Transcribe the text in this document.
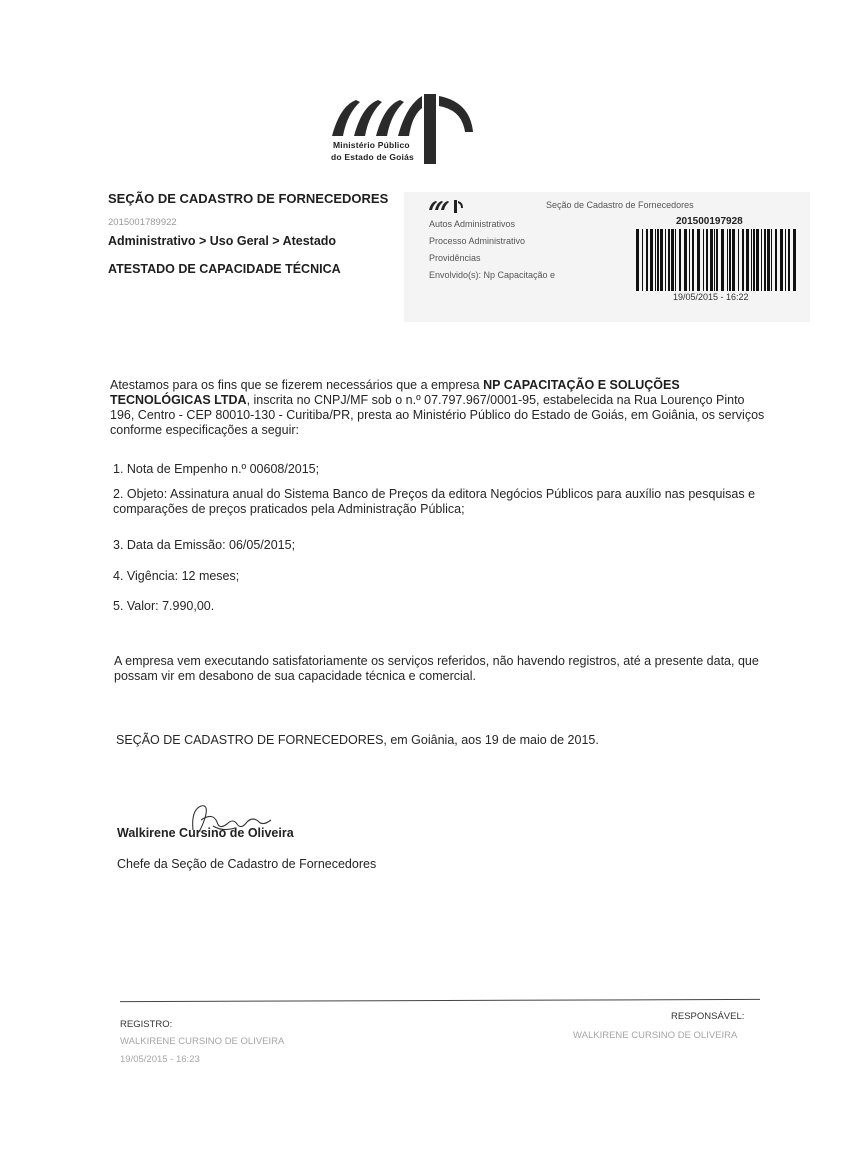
Ministério Público
do Estado de Goiás
SEÇÃO DE CADASTRO DE FORNECEDORES
2015001789922
Administrativo > Uso Geral > Atestado
ATESTADO DE CAPACIDADE TÉCNICA
Seção de Cadastro de Fornecedores
Autos Administrativos
Processo Administrativo
Providências
Envolvido(s): Np Capacitação e
201500197928
19/05/2015 - 16:22
Atestamos para os fins que se fizerem necessários que a empresa NP CAPACITAÇÃO E SOLUÇÕES TECNOLÓGICAS LTDA, inscrita no CNPJ/MF sob o n.º 07.797.967/0001-95, estabelecida na Rua Lourenço Pinto 196, Centro - CEP 80010-130 - Curitiba/PR, presta ao Ministério Público do Estado de Goiás, em Goiânia, os serviços conforme especificações a seguir:
1. Nota de Empenho n.º 00608/2015;
2. Objeto: Assinatura anual do Sistema Banco de Preços da editora Negócios Públicos para auxílio nas pesquisas e comparações de preços praticados pela Administração Pública;
3. Data da Emissão: 06/05/2015;
4. Vigência: 12 meses;
5. Valor: 7.990,00.
A empresa vem executando satisfatoriamente os serviços referidos, não havendo registros, até a presente data, que possam vir em desabono de sua capacidade técnica e comercial.
SEÇÃO DE CADASTRO DE FORNECEDORES, em Goiânia, aos 19 de maio de 2015.
Walkirene Cursino de Oliveira
Chefe da Seção de Cadastro de Fornecedores
REGISTRO:
WALKIRENE CURSINO DE OLIVEIRA
19/05/2015 - 16:23
RESPONSÁVEL:
WALKIRENE CURSINO DE OLIVEIRA
